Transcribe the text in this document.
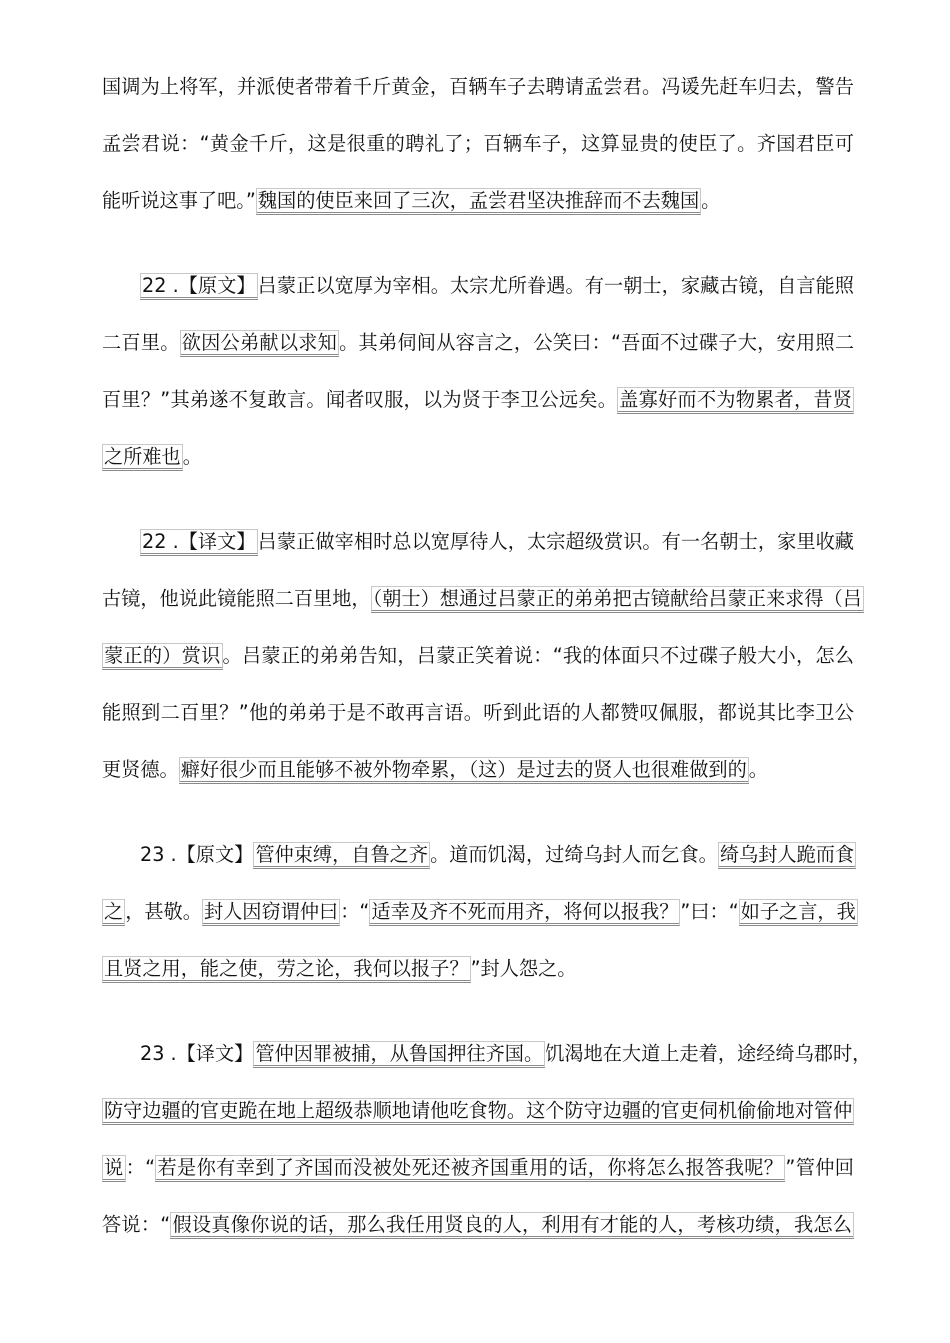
国调为上将军，并派使者带着千斤黄金，百辆车子去聘请孟尝君。冯谖先赶车归去，警告
孟尝君说：“黄金千斤，这是很重的聘礼了；百辆车子，这算显贵的使臣了。齐国君臣可
能听说这事了吧。” 魏国的使臣来回了三次，孟尝君坚决推辞而不去魏国 。
22 .【原文】 吕蒙正以宽厚为宰相。太宗尤所眷遇。有一朝士，家藏古镜，自言能照
二百里。 欲因公弟献以求知 。其弟伺间从容言之，公笑曰：“吾面不过碟子大，安用照二
百里？”其弟遂不复敢言。闻者叹服，以为贤于李卫公远矣。 盖寡好而不为物累者，昔贤
之所难也 。
22 .【译文】 吕蒙正做宰相时总以宽厚待人，太宗超级赏识。有一名朝士，家里收藏
古镜，他说此镜能照二百里地， （朝士）想通过吕蒙正的弟弟把古镜献给吕蒙正来求得（吕
蒙正的）赏识 。吕蒙正的弟弟告知，吕蒙正笑着说：“我的体面只不过碟子般大小，怎么
能照到二百里？”他的弟弟于是不敢再言语。听到此语的人都赞叹佩服，都说其比李卫公
更贤德。 癖好很少而且能够不被外物牵累，（这）是过去的贤人也很难做到的 。
23 .【原文】 管仲束缚，自鲁之齐 。道而饥渴，过绮乌封人而乞食。 绮乌封人跪而食
之 ，甚敬。 封人因窃谓仲曰 ：“ 适幸及齐不死而用齐，将何以报我？ ”曰：“ 如子之言，我
且贤之用，能之使，劳之论，我何以报子？ ”封人怨之。
23 .【译文】 管仲因罪被捕，从鲁国押往齐国。 饥渴地在大道上走着，途经绮乌郡时，
防守边疆的官吏跪在地上超级恭顺地请他吃食物。这个防守边疆的官吏伺机偷偷地对管仲
说 ：“ 若是你有幸到了齐国而没被处死还被齐国重用的话，你将怎么报答我呢？ ”管仲回
答说：“ 假设真像你说的话，那么我任用贤良的人，利用有才能的人，考核功绩，我怎么
